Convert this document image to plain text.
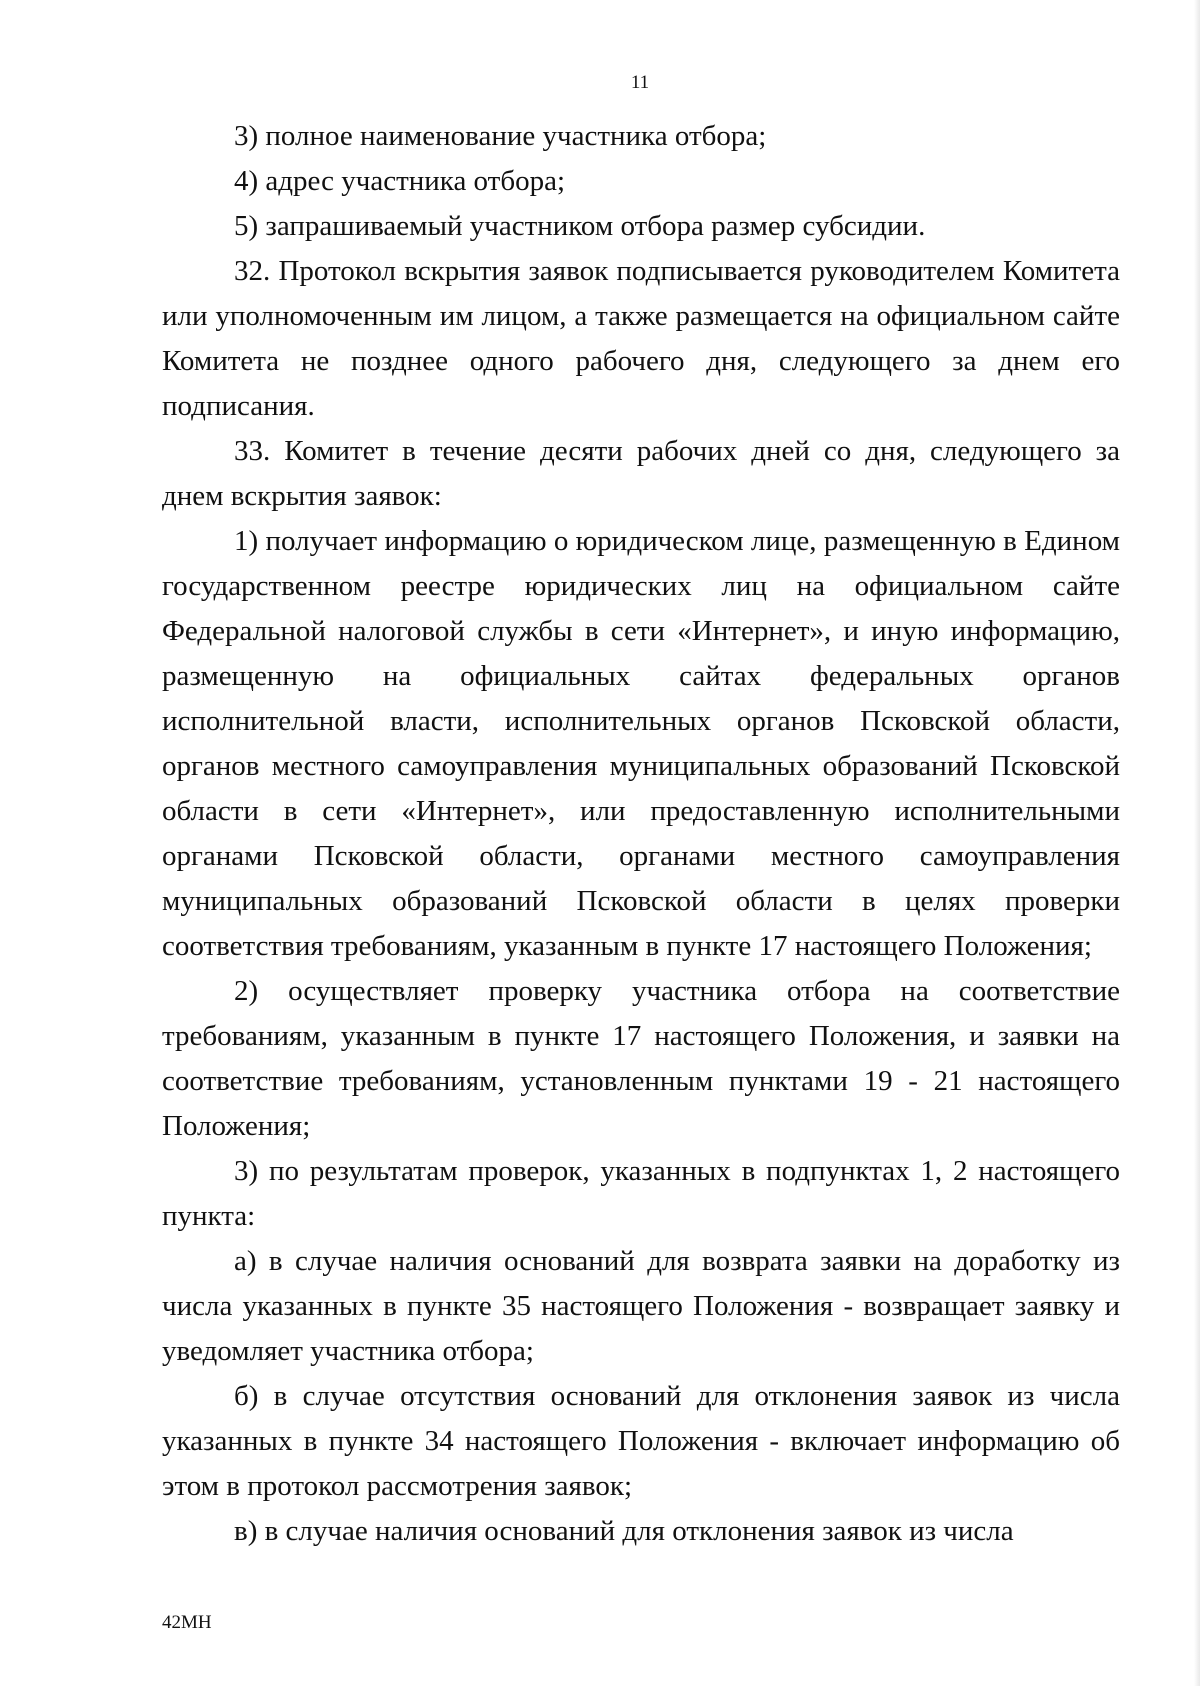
11

3) полное наименование участника отбора;

4) адрес участника отбора;

5) запрашиваемый участником отбора размер субсидии.

32. Протокол вскрытия заявок подписывается руководителем Комитета или уполномоченным им лицом, а также размещается на официальном сайте Комитета не позднее одного рабочего дня, следующего за днем его подписания.

33. Комитет в течение десяти рабочих дней со дня, следующего за днем вскрытия заявок:

1) получает информацию о юридическом лице, размещенную в Едином государственном реестре юридических лиц на официальном сайте Федеральной налоговой службы в сети «Интернет», и иную информацию, размещенную на официальных сайтах федеральных органов исполнительной власти, исполнительных органов Псковской области, органов местного самоуправления муниципальных образований Псковской области в сети «Интернет», или предоставленную исполнительными органами Псковской области, органами местного самоуправления муниципальных образований Псковской области в целях проверки соответствия требованиям, указанным в пункте 17 настоящего Положения;

2) осуществляет проверку участника отбора на соответствие требованиям, указанным в пункте 17 настоящего Положения, и заявки на соответствие требованиям, установленным пунктами 19 - 21 настоящего Положения;

3) по результатам проверок, указанных в подпунктах 1, 2 настоящего пункта:

а) в случае наличия оснований для возврата заявки на доработку из числа указанных в пункте 35 настоящего Положения - возвращает заявку и уведомляет участника отбора;

б) в случае отсутствия оснований для отклонения заявок из числа указанных в пункте 34 настоящего Положения - включает информацию об этом в протокол рассмотрения заявок;

в) в случае наличия оснований для отклонения заявок из числа

42МН
